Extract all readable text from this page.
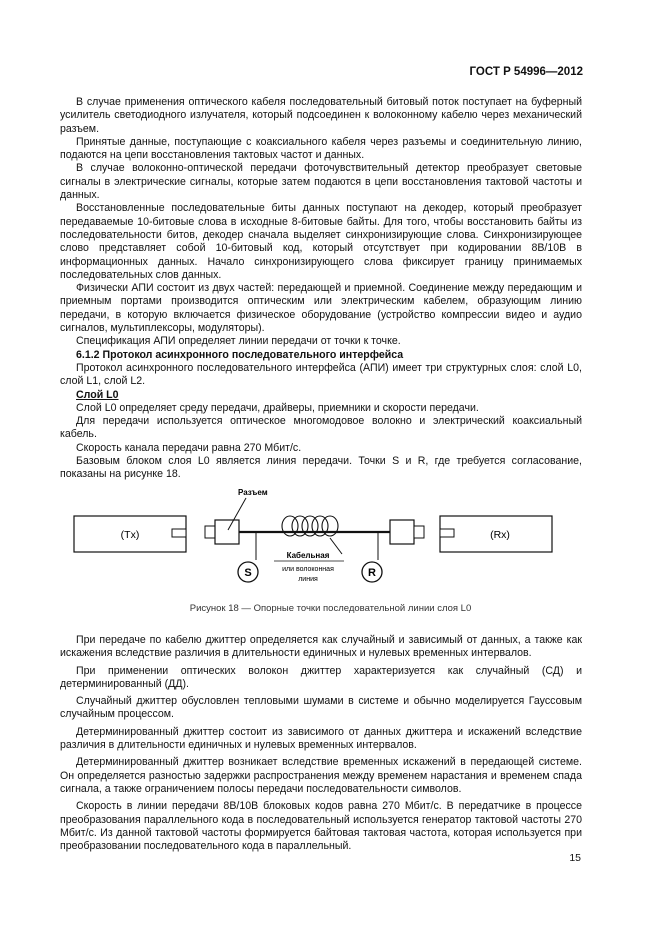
ГОСТ Р 54996—2012

В случае применения оптического кабеля последовательный битовый поток поступает на буферный усилитель светодиодного излучателя, который подсоединен к волоконному кабелю через механический разъем.

Принятые данные, поступающие с коаксиального кабеля через разъемы и соединительную линию, подаются на цепи восстановления тактовых частот и данных.

В случае волоконно-оптической передачи фоточувствительный детектор преобразует световые сигналы в электрические сигналы, которые затем подаются в цепи восстановления тактовой частоты и данных.

Восстановленные последовательные биты данных поступают на декодер, который преобразует передаваемые 10-битовые слова в исходные 8-битовые байты. Для того, чтобы восстановить байты из последовательности битов, декодер сначала выделяет синхронизирующие слова. Синхронизирующее слово представляет собой 10-битовый код, который отсутствует при кодировании 8B/10B в информационных данных. Начало синхронизирующего слова фиксирует границу принимаемых последовательных слов данных.

Физически АПИ состоит из двух частей: передающей и приемной. Соединение между передающим и приемным портами производится оптическим или электрическим кабелем, образующим линию передачи, в которую включается физическое оборудование (устройство компрессии видео и аудио сигналов, мультиплексоры, модуляторы).

Спецификация АПИ определяет линии передачи от точки к точке.

6.1.2 Протокол асинхронного последовательного интерфейса

Протокол асинхронного последовательного интерфейса (АПИ) имеет три структурных слоя: слой L0, слой L1, слой L2.

Слой L0

Слой L0 определяет среду передачи, драйверы, приемники и скорости передачи.

Для передачи используется оптическое многомодовое волокно и электрический коаксиальный кабель.

Скорость канала передачи равна 270 Мбит/с.

Базовым блоком слоя L0 является линия передачи. Точки S и R, где требуется согласование, показаны на рисунке 18.

(Tx)
Разъем
Кабельная
или волоконная
линия
S	R
(Rx)
Рисунок 18 — Опорные точки последовательной линии слоя L0

При передаче по кабелю джиттер определяется как случайный и зависимый от данных, а также как искажения вследствие различия в длительности единичных и нулевых временных интервалов.

При применении оптических волокон джиттер характеризуется как случайный (СД) и детерминированный (ДД).

Случайный джиттер обусловлен тепловыми шумами в системе и обычно моделируется Гауссовым случайным процессом.

Детерминированный джиттер состоит из зависимого от данных джиттера и искажений вследствие различия в длительности единичных и нулевых временных интервалов.

Детерминированный джиттер возникает вследствие временных искажений в передающей системе. Он определяется разностью задержки распространения между временем нарастания и временем спада сигнала, а также ограничением полосы передачи последовательности символов.

Скорость в линии передачи 8B/10B блоковых кодов равна 270 Мбит/с. В передатчике в процессе преобразования параллельного кода в последовательный используется генератор тактовой частоты 270 Мбит/с. Из данной тактовой частоты формируется байтовая тактовая частота, которая используется при преобразовании последовательного кода в параллельный.

15
